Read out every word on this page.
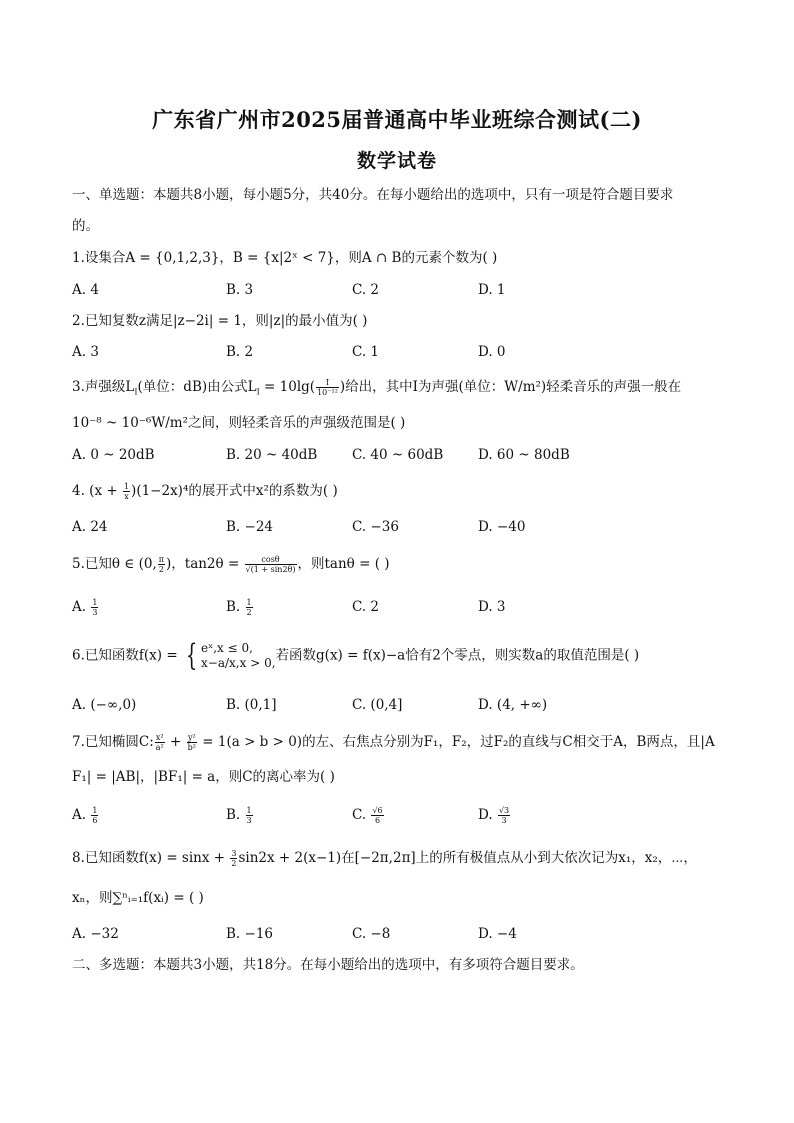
广东省广州市2025届普通高中毕业班综合测试(二)
数学试卷
一、单选题：本题共8小题，每小题5分，共40分。在每小题给出的选项中，只有一项是符合题目要求
的。
1.设集合A = {0,1,2,3}，B = {x|2ˣ < 7}，则A ∩ B的元素个数为( )
A. 4	B. 3	C. 2	D. 1
2.已知复数z满足|z−2i| = 1，则|z|的最小值为( )
A. 3	B. 2	C. 1	D. 0
3.声强级$L_I$(单位：dB)由公式$L_I = 10\lg( \frac{I}{\text{10⁻¹²}}$ )给出，其中I为声强(单位：W/m²)轻柔音乐的声强一般在
10⁻⁸ ~ 10⁻⁶W/m²之间，则轻柔音乐的声强级范围是( )
A. 0 ~ 20dB	B. 20 ~ 40dB	C. 40 ~ 60dB	D. 60 ~ 80dB
4. $(x + \frac{1}{x} )(1-2x)^4$的展开式中x²的系数为( )
A. 24	B. −24	C. −36	D. −40
5.已知θ ∈ (0, $\frac{\pi}{2}$ )，$\tan 2\theta = \frac{\cos\theta}{√(1 + \sin 2\theta)}$ ，则tanθ = ( )
A. $\frac{1}{3}$	B. $\frac{1}{2}$	C. 2	D. 3
6.已知函数f(x) = { eˣ,x ≤ 0,
x−a/x,x > 0, 若函数g(x) = f(x)−a恰有2个零点，则实数a的取值范围是( )
A. (−∞,0)	B. (0,1]	C. (0,4]	D. (4, +∞)
7.已知椭圆C: $\frac{\text{x²}}{\text{a²}} + \frac{\text{y²}}{\text{b²}} = 1(a > b > 0)$的左、右焦点分别为F₁，F₂，过F₂的直线与C相交于A，B两点，且|A
F₁| = |AB|，|BF₁| = a，则C的离心率为( )
A. $\frac{1}{6}$	B. $\frac{1}{3}$	C. $\frac{√6}{6}$	D. $\frac{√3}{3}$
8.已知函数$f(x) = \sin x + \frac{3}{2} \sin 2x + 2(x-1)$在[−2π,2π]上的所有极值点从小到大依次记为x₁，x₂，⋯，
xₙ，则∑ⁿᵢ₌₁f(xᵢ) = ( )
A. −32	B. −16	C. −8	D. −4
二、多选题：本题共3小题，共18分。在每小题给出的选项中，有多项符合题目要求。
